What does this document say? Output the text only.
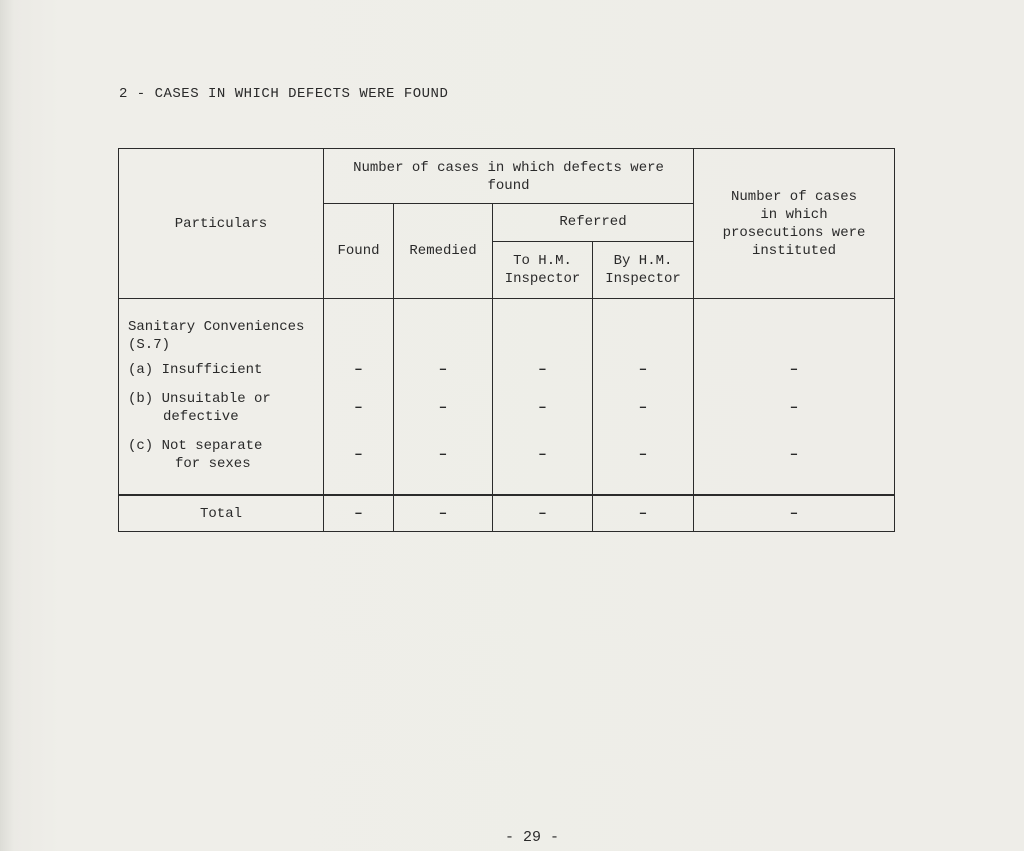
2 - CASES IN WHICH DEFECTS WERE FOUND
Particulars	Number of cases in which defects were found				Number of cases in which prosecutions were instituted
	Found	Remedied	Referred		
			To H.M. Inspector	By H.M. Inspector	
Sanitary Conveniences (S.7)					
(a) Insufficient	–	–	–	–	–

(b) Unsuitable or
defective	–	–	–	–	–

(c) Not separate
for sexes	–	–	–	–	–
Total	–	–	–	–	–
- 29 -
